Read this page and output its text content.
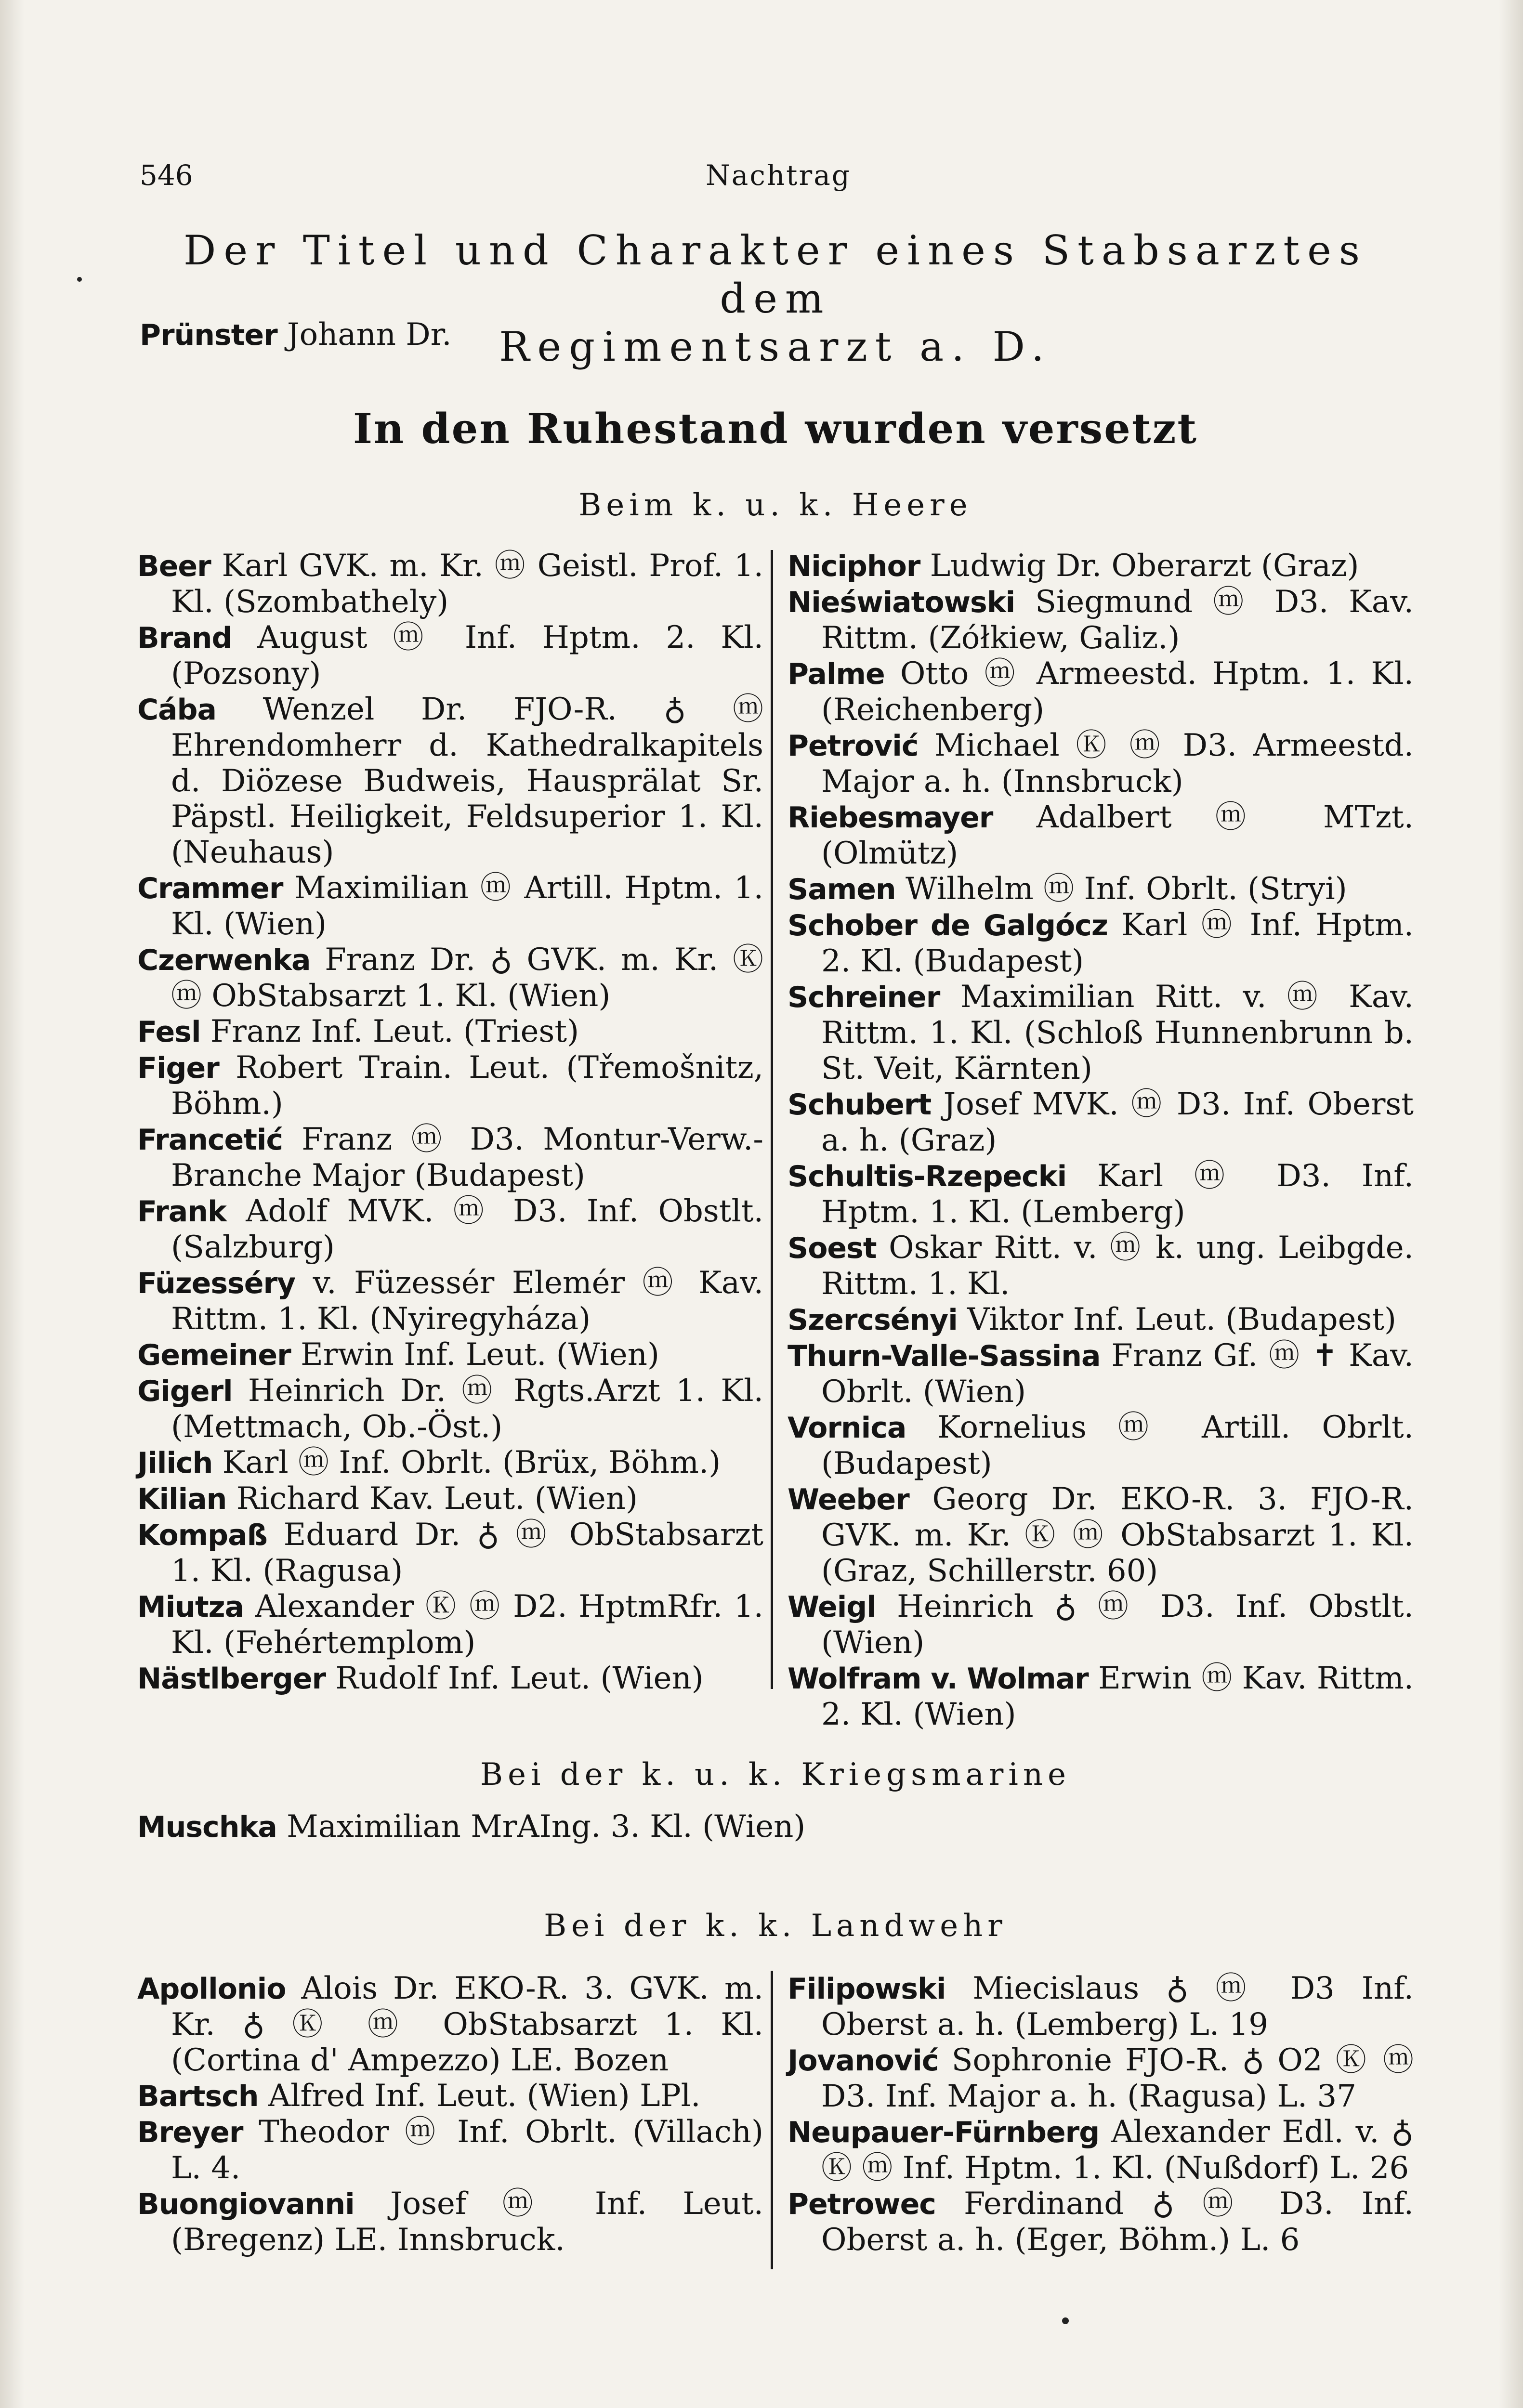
546	Nachtrag
Der Titel und Charakter eines Stabsarztes dem
Regimentsarzt a. D.
Prünster Johann Dr.
In den Ruhestand wurden versetzt
Beim k. u. k. Heere
Beer Karl GVK. m. Kr. ⓜ Geistl. Prof. 1. Kl. (Szombathely)
Brand August ⓜ Inf. Hptm. 2. Kl. (Pozsony)
Cába Wenzel Dr. FJO-R. ♁ ⓜ Ehrendomherr d. Kathedralkapitels d. Diözese Budweis, Hausprälat Sr. Päpstl. Heiligkeit, Feldsuperior 1. Kl. (Neuhaus)
Crammer Maximilian ⓜ Artill. Hptm. 1. Kl. (Wien)
Czerwenka Franz Dr. ♁ GVK. m. Kr. Ⓚ ⓜ ObStabsarzt 1. Kl. (Wien)
Fesl Franz Inf. Leut. (Triest)
Figer Robert Train. Leut. (Třemošnitz, Böhm.)
Francetić Franz ⓜ D3. Montur-Verw.-Branche Major (Budapest)
Frank Adolf MVK. ⓜ D3. Inf. Obstlt. (Salzburg)
Füzesséry v. Füzessér Elemér ⓜ Kav. Rittm. 1. Kl. (Nyiregyháza)
Gemeiner Erwin Inf. Leut. (Wien)
Gigerl Heinrich Dr. ⓜ Rgts.Arzt 1. Kl. (Mettmach, Ob.-Öst.)
Jilich Karl ⓜ Inf. Obrlt. (Brüx, Böhm.)
Kilian Richard Kav. Leut. (Wien)
Kompaß Eduard Dr. ♁ ⓜ ObStabsarzt 1. Kl. (Ragusa)
Miutza Alexander Ⓚ ⓜ D2. HptmRfr. 1. Kl. (Fehértemplom)
Nästlberger Rudolf Inf. Leut. (Wien)
Niciphor Ludwig Dr. Oberarzt (Graz)
Nieświatowski Siegmund ⓜ D3. Kav. Rittm. (Zółkiew, Galiz.)
Palme Otto ⓜ Armeestd. Hptm. 1. Kl. (Reichenberg)
Petrović Michael Ⓚ ⓜ D3. Armeestd. Major a. h. (Innsbruck)
Riebesmayer Adalbert ⓜ MTzt. (Olmütz)
Samen Wilhelm ⓜ Inf. Obrlt. (Stryi)
Schober de Galgócz Karl ⓜ Inf. Hptm. 2. Kl. (Budapest)
Schreiner Maximilian Ritt. v. ⓜ Kav. Rittm. 1. Kl. (Schloß Hunnenbrunn b. St. Veit, Kärnten)
Schubert Josef MVK. ⓜ D3. Inf. Oberst a. h. (Graz)
Schultis-Rzepecki Karl ⓜ D3. Inf. Hptm. 1. Kl. (Lemberg)
Soest Oskar Ritt. v. ⓜ k. ung. Leibgde. Rittm. 1. Kl.
Szercsényi Viktor Inf. Leut. (Budapest)
Thurn-Valle-Sassina Franz Gf. ⓜ ✝ Kav. Obrlt. (Wien)
Vornica Kornelius ⓜ Artill. Obrlt. (Budapest)
Weeber Georg Dr. EKO-R. 3. FJO-R. GVK. m. Kr. Ⓚ ⓜ ObStabsarzt 1. Kl. (Graz, Schillerstr. 60)
Weigl Heinrich ♁ ⓜ D3. Inf. Obstlt. (Wien)
Wolfram v. Wolmar Erwin ⓜ Kav. Rittm. 2. Kl. (Wien)
Bei der k. u. k. Kriegsmarine
Muschka Maximilian MrAIng. 3. Kl. (Wien)
Bei der k. k. Landwehr
Apollonio Alois Dr. EKO-R. 3. GVK. m. Kr. ♁ Ⓚ ⓜ ObStabsarzt 1. Kl. (Cortina d' Ampezzo) LE. Bozen
Bartsch Alfred Inf. Leut. (Wien) LPl.
Breyer Theodor ⓜ Inf. Obrlt. (Villach) L. 4.
Buongiovanni Josef ⓜ Inf. Leut. (Bregenz) LE. Innsbruck.
Filipowski Miecislaus ♁ ⓜ D3 Inf. Oberst a. h. (Lemberg) L. 19
Jovanović Sophronie FJO-R. ♁ O2 Ⓚ ⓜ D3. Inf. Major a. h. (Ragusa) L. 37
Neupauer-Fürnberg Alexander Edl. v. ♁ Ⓚ ⓜ Inf. Hptm. 1. Kl. (Nußdorf) L. 26
Petrowec Ferdinand ♁ ⓜ D3. Inf. Oberst a. h. (Eger, Böhm.) L. 6
